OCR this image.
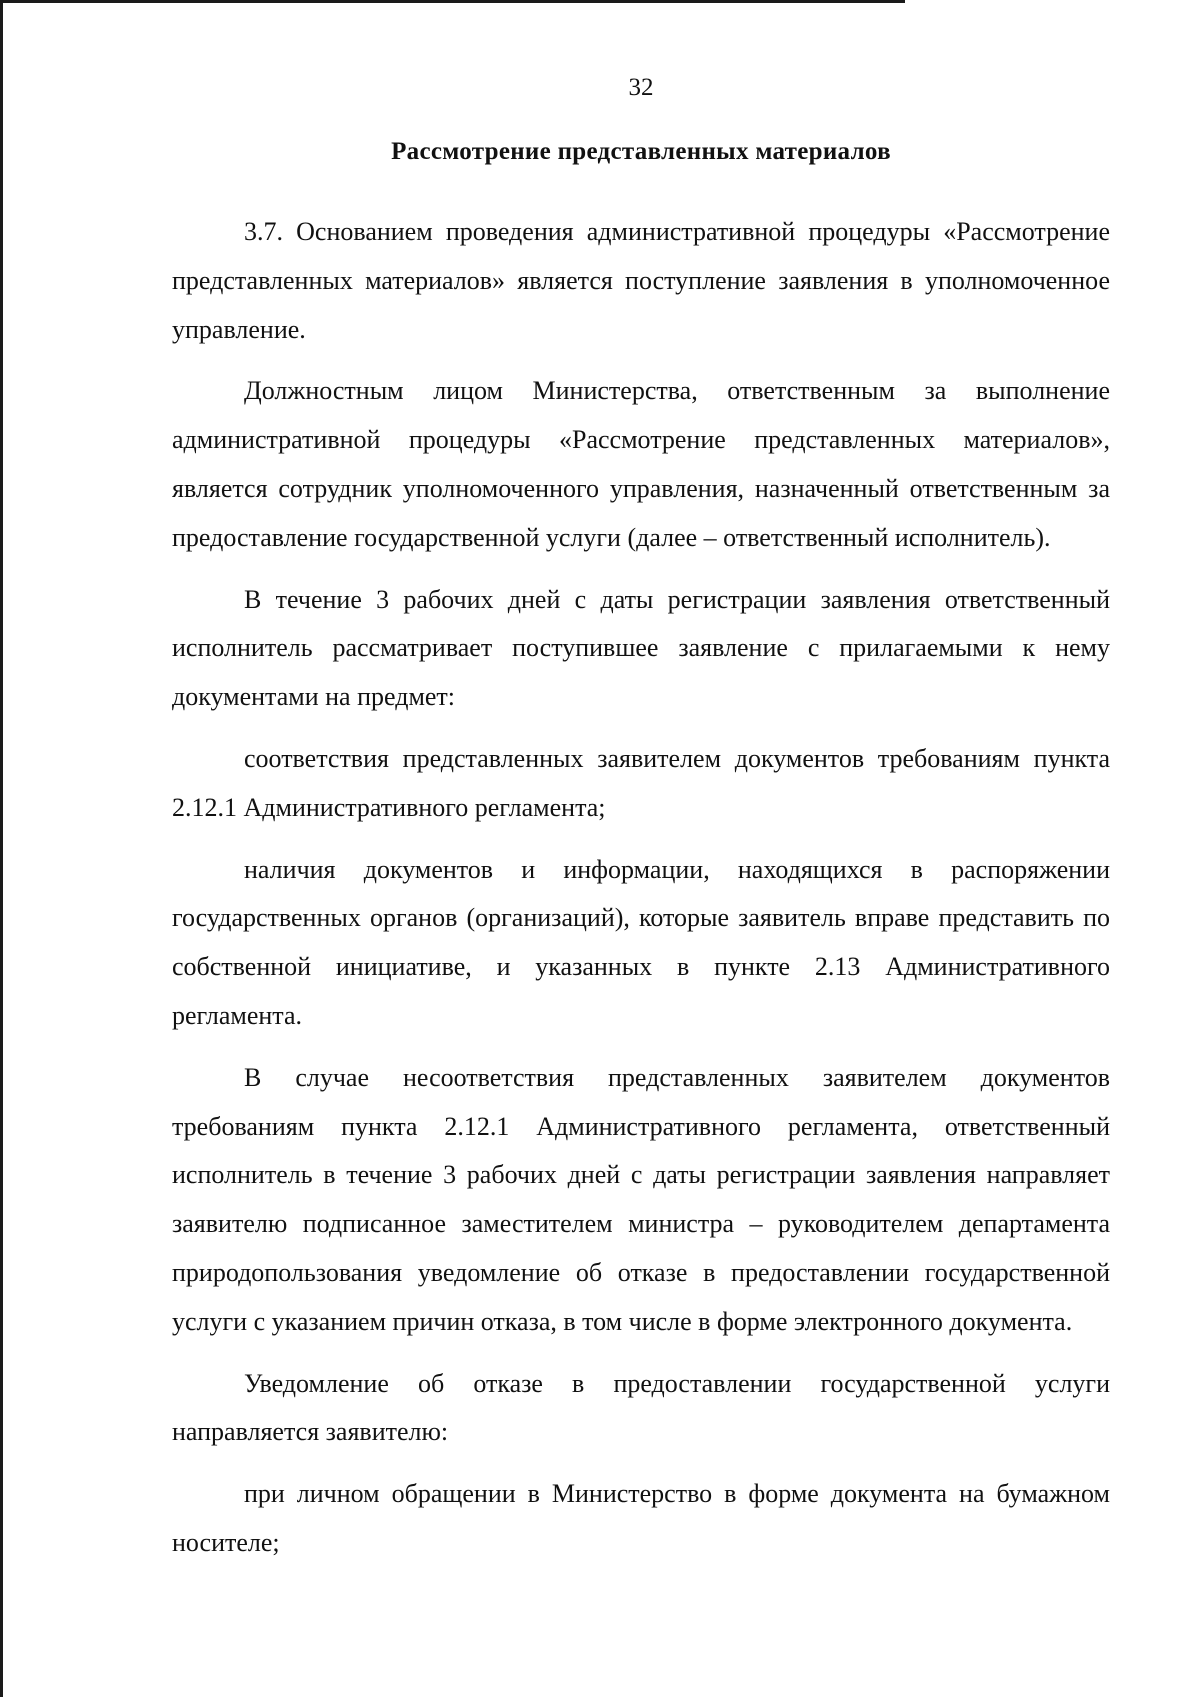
32
Рассмотрение представленных материалов

3.7. Основанием проведения административной процедуры «Рассмотрение представленных материалов» является поступление заявления в уполномоченное управление.

Должностным лицом Министерства, ответственным за выполнение административной процедуры «Рассмотрение представленных материалов», является сотрудник уполномоченного управления, назначенный ответственным за предоставление государственной услуги (далее – ответственный исполнитель).

В течение 3 рабочих дней с даты регистрации заявления ответственный исполнитель рассматривает поступившее заявление с прилагаемыми к нему документами на предмет:

соответствия представленных заявителем документов требованиям пункта 2.12.1 Административного регламента;

наличия документов и информации, находящихся в распоряжении государственных органов (организаций), которые заявитель вправе представить по собственной инициативе, и указанных в пункте 2.13 Административного регламента.

В случае несоответствия представленных заявителем документов требованиям пункта 2.12.1 Административного регламента, ответственный исполнитель в течение 3 рабочих дней с даты регистрации заявления направляет заявителю подписанное заместителем министра – руководителем департамента природопользования уведомление об отказе в предоставлении государственной услуги с указанием причин отказа, в том числе в форме электронного документа.

Уведомление об отказе в предоставлении государственной услуги направляется заявителю:

при личном обращении в Министерство в форме документа на бумажном носителе;
